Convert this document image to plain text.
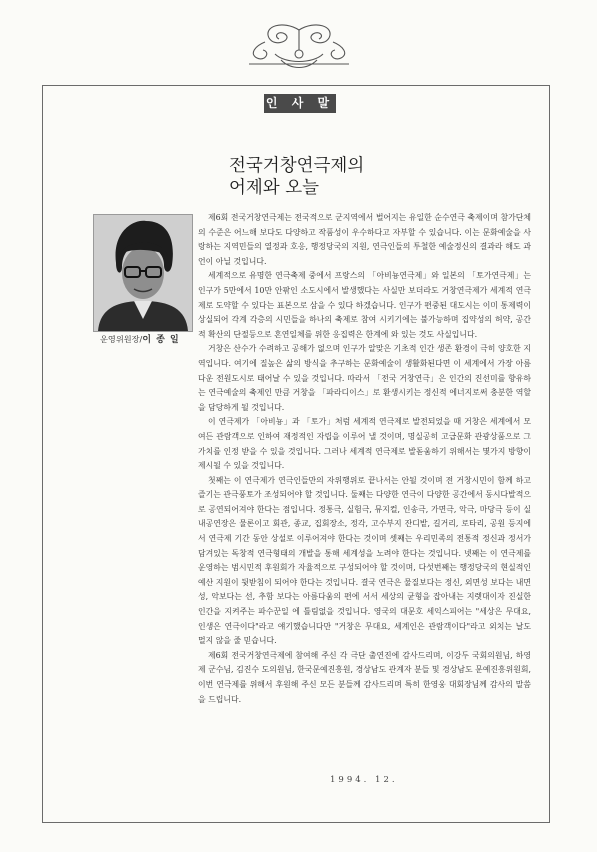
인 사 말
전국거창연극제의
어제와 오늘
운영위원장/이 종 일

제6회 전국거창연극제는 전국적으로 군지역에서 벌어지는 유일한 순수연극 축제이며 참가단체의 수준은 어느해 보다도 다양하고 작품성이 우수하다고 자부할 수 있습니다. 이는 문화예술을 사랑하는 지역민들의 열정과 호응, 행정당국의 지원, 연극인들의 투철한 예술정신의 결과라 해도 과언이 아닐 것입니다.

세계적으로 유명한 연극축제 중에서 프랑스의 「아비뇽연극제」와 일본의 「토가연극제」는 인구가 5만에서 10만 안팎인 소도시에서 발생했다는 사실만 보더라도 거창연극제가 세계적 연극제로 도약할 수 있다는 표본으로 삼을 수 있다 하겠습니다. 인구가 편중된 대도시는 이미 통제력이 상실되어 각계 각층의 시민들을 하나의 축제로 참여 시키기에는 불가능하며 집약성의 허약, 공간적 확산의 단절등으로 혼연일체를 위한 응집력은 한계에 와 있는 것도 사실입니다.

거창은 산수가 수려하고 공해가 없으며 인구가 알맞은 기초적 인간 생존 환경이 극히 양호한 지역입니다. 여기에 질높은 삶의 방식을 추구하는 문화예술이 생활화된다면 이 세계에서 가장 아름다운 전원도시로 태어날 수 있을 것입니다. 따라서 「전국 거창연극」은 인간의 진선미를 향유하는 연극예술의 축제인 만큼 거창을 「파라디이스」로 환생시키는 정신적 에너지로써 충분한 역할을 담당하게 될 것입니다.

이 연극제가 「아비뇽」과 「토가」처럼 세계적 연극제로 발전되었을 때 거창은 세계에서 모여든 관람객으로 인하여 재정적인 자립을 이루어 낼 것이며, 명실공히 고급문화 관광상품으로 그 가치를 인정 받을 수 있을 것입니다. 그러나 세계적 연극제로 발돋움하기 위해서는 몇가지 방향이 제시될 수 있을 것입니다.

첫째는 이 연극제가 연극인들만의 자위행위로 끝나서는 안될 것이며 전 거창시민이 함께 하고 즐기는 관극풍토가 조성되어야 할 것입니다. 둘째는 다양한 연극이 다양한 공간에서 동시다발적으로 공연되어져야 한다는 점입니다. 정통극, 실험극, 뮤지컬, 인송극, 가면극, 악극, 마당극 등이 실내공연장은 물론이고 회관, 종교, 집회장소, 정각, 고수부지 잔디밭, 길거리, 로타리, 공원 등지에서 연극제 기간 동안 상설로 이루어져야 한다는 것이며 셋째는 우리민족의 전통적 정신과 정서가 담겨있는 독창적 연극형태의 개발을 통해 세계성을 노려야 한다는 것입니다. 넷째는 이 연극제를 운영하는 범시민적 후원회가 자율적으로 구성되어야 할 것이며, 다섯번째는 행정당국의 현실적인 예산 지원이 뒷받침이 되어야 한다는 것입니다. 결국 연극은 물질보다는 정신, 외면성 보다는 내면성, 악보다는 선, 추함 보다는 아름다움의 편에 서서 세상의 균형을 잡아내는 지렛대이자 진실한 인간을 지켜주는 파수꾼일 에 틀림없을 것입니다. 영국의 대문호 세익스피어는 "세상은 무대요, 인생은 연극이다"라고 얘기했습니다만 "거창은 무대요, 세계인은 관람객이다"라고 외치는 날도 멀지 않을 줄 믿습니다.

제6회 전국거창연극제에 참여해 주신 각 극단 출연진에 감사드리며, 이강두 국회의원님, 하영제 군수님, 김진수 도의원님, 한국문예진흥원, 경상남도 관계자 분들 및 경상남도 문예진흥위원회, 이번 연극제를 위해서 후원해 주신 모든 분들께 감사드리며 특히 한영웅 대회장님께 감사의 말씀을 드립니다.

1994. 12.
